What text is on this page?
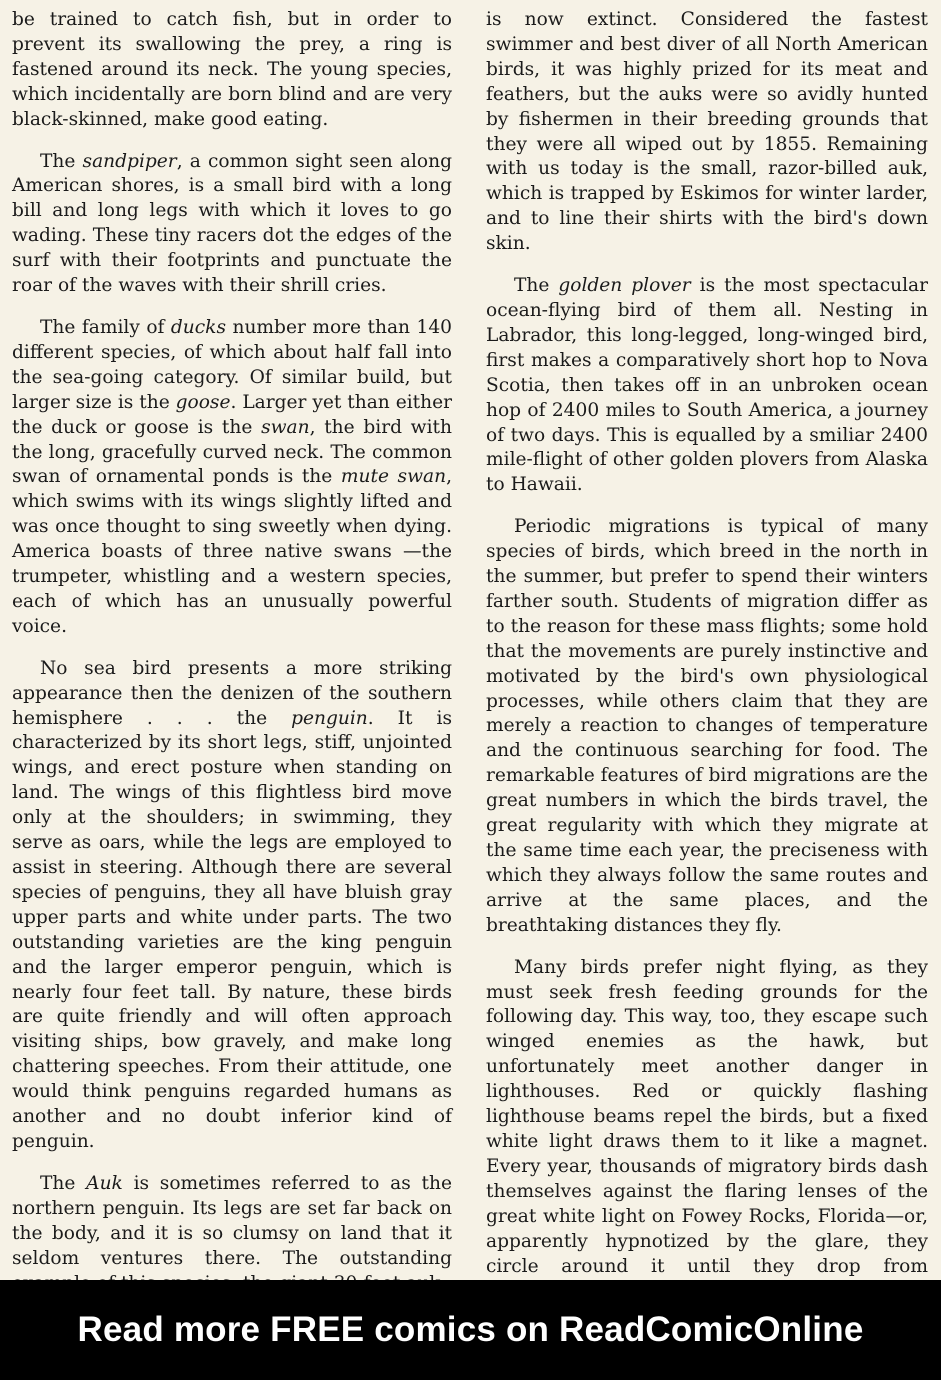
be trained to catch fish, but in order to prevent its swallowing the prey, a ring is fastened around its neck. The young species, which incidentally are born blind and are very black-skinned, make good eating.

The sandpiper, a common sight seen along American shores, is a small bird with a long bill and long legs with which it loves to go wading. These tiny racers dot the edges of the surf with their footprints and punctuate the roar of the waves with their shrill cries.

The family of ducks number more than 140 different species, of which about half fall into the sea-going category. Of similar build, but larger size is the goose. Larger yet than either the duck or goose is the swan, the bird with the long, gracefully curved neck. The common swan of ornamental ponds is the mute swan, which swims with its wings slightly lifted and was once thought to sing sweetly when dying. America boasts of three native swans —the trumpeter, whistling and a western species, each of which has an unusually powerful voice.

No sea bird presents a more striking appearance then the denizen of the southern hemisphere . . . the penguin. It is characterized by its short legs, stiff, unjointed wings, and erect posture when standing on land. The wings of this flightless bird move only at the shoulders; in swimming, they serve as oars, while the legs are employed to assist in steering. Although there are several species of penguins, they all have bluish gray upper parts and white under parts. The two outstanding varieties are the king penguin and the larger emperor penguin, which is nearly four feet tall. By nature, these birds are quite friendly and will often approach visiting ships, bow gravely, and make long chattering speeches. From their attitude, one would think penguins regarded humans as another and no doubt inferior kind of penguin.

The Auk is sometimes referred to as the northern penguin. Its legs are set far back on the body, and it is so clumsy on land that it seldom ventures there. The outstanding

is now extinct. Considered the fastest swimmer and best diver of all North American birds, it was highly prized for its meat and feathers, but the auks were so avidly hunted by fishermen in their breeding grounds that they were all wiped out by 1855. Remaining with us today is the small, razor-billed auk, which is trapped by Eskimos for winter larder, and to line their shirts with the bird's down skin.

The golden plover is the most spectacular ocean-flying bird of them all. Nesting in Labrador, this long-legged, long-winged bird, first makes a comparatively short hop to Nova Scotia, then takes off in an unbroken ocean hop of 2400 miles to South America, a journey of two days. This is equalled by a smiliar 2400 mile-flight of other golden plovers from Alaska to Hawaii.

Periodic migrations is typical of many species of birds, which breed in the north in the summer, but prefer to spend their winters farther south. Students of migration differ as to the reason for these mass flights; some hold that the movements are purely instinctive and motivated by the bird's own physiological processes, while others claim that they are merely a reaction to changes of temperature and the continuous searching for food. The remarkable features of bird migrations are the great numbers in which the birds travel, the great regularity with which they migrate at the same time each year, the preciseness with which they always follow the same routes and arrive at the same places, and the breathtaking distances they fly.

Many birds prefer night flying, as they must seek fresh feeding grounds for the following day. This way, too, they escape such winged enemies as the hawk, but unfortunately meet another danger in lighthouses. Red or quickly flashing lighthouse beams repel the birds, but a fixed white light draws them to it like a magnet. Every year, thousands of migratory birds dash themselves against the flaring lenses of the great white light on Fowey Rocks, Florida—or, apparently hypnotized by the glare, they circle around it until they drop from

Read more FREE comics on ReadComicOnline
